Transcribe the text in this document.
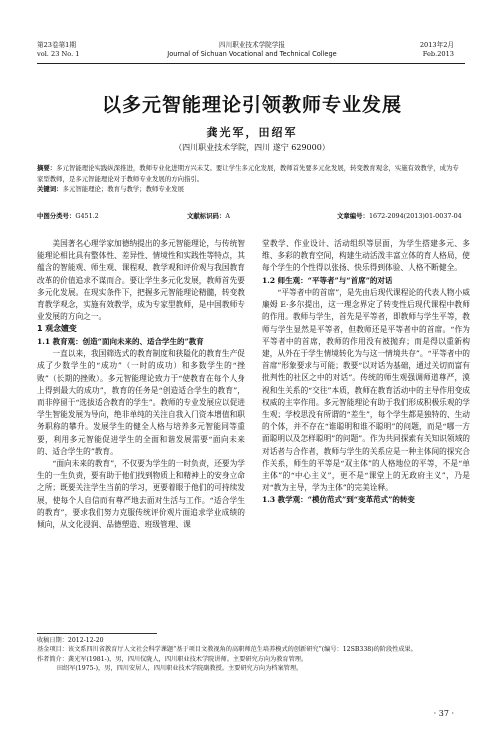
第23卷第1期
vol. 23 No. 1
四川职业技术学院学报
Journal of Sichuan Vocational and Technical College
2013年2月
Feb.2013
以多元智能理论引领教师专业发展
龚光军，田绍军
（四川职业技术学院，四川 遂宁 629000）
摘要：多元智能理论实践纵深推进，教师专业化进期方兴未艾。要让学生多元化发展，教师首先要多元化发展，转变教育观念，实施有效教学，成为专家型教师，是多元智能理论对于教师专业发展的方向指引。
关键词：多元智能理论；教育与教学；教师专业发展
中图分类号：G451.2	文献标识码：A	文章编号：1672-2094(2013)01-0037-04

美国著名心理学家加德纳提出的多元智能理论，与传统智能理论相比具有整体性、差异性、情境性和实践性等特点，其蕴含的智能观、师生观、课程观、教学观和评价观与我国教育改革的价值追求不谋而合。要让学生多元化发展，教师首先要多元化发展。在现实条件下，把握多元智能理论精髓，转变教育教学观念，实施有效教学，成为专家型教师，是中国教师专业发展的方向之一。

1 观念嬗变
1.1 教育观：创造“面向未来的、适合学生的”教育

一直以来，我国筛选式的教育制度和狭隘化的教育生产促成了少数学生的“成功”（一时的成功）和多数学生的“挫败”（长期的挫败）。多元智能理论致力于“使教育在每个人身上得到最大的成功”，教育的任务是“创造适合学生的教育”，而非停留于“选拔适合教育的学生”。教师的专业发展应以促进学生智能发展为导向，绝非单纯的关注自我入门资本增值和职务职称的攀升。发展学生的健全人格与培养多元智能同等重要，利用多元智能促进学生的全面和谐发展需要“面向未来的、适合学生的”教育。

“面向未来的教育”，不仅要为学生的一时负责，还要为学生的一生负责，要有助于他们找到物质上和精神上的安身立命之所；既要关注学生当前的学习，更要着眼于他们的可持续发展，使每个人自信而有尊严地去面对生活与工作。“适合学生的教育”，要求我们努力克服传统评价观片面追求学业成绩的倾向，从文化浸润、品德塑造、班级管理、课

堂教学、作业设计、活动组织等层面，为学生搭建多元、多维、多彩的教育空间，构建生动活泼丰富立体的育人格局，使每个学生的个性得以张扬、快乐得到体验、人格不断健全。

1.2 师生观：“平等者”与“首席”的对话

“平等者中的首席”，是先由后现代课程论的代表人物小威廉姆 E·多尔提出，这一理念界定了转变性后现代课程中教师的作用。教师与学生，首先是平等者，即教师与学生平等，教师与学生显然是平等者，但教师还是平等者中的首席。“作为平等者中的首席，教师的作用没有被抛弃；而是得以重新构建，从外在于学生情境转化为与这一情境共存”。“平等者中的首席”形象要求与可能；教要“以对话为基础，通过关切而富有批判性的社区之中的对话”。传统的师生观强调师道尊严，漠视和生关系的“交往”本质，教师在教育活动中的主导作用变成权威的主宰作用。多元智能理论有助于我们形成积极乐观的学生观；学校思没有所谓的“差生”，每个学生都是独特的、生动的个体，并不存在“谁聪明和谁不聪明”的问题，而是“哪一方面聪明以及怎样聪明”的问题”。作为共同探索有关知识领域的对话者与合作者，教师与学生的关系应是一种主体间的探究合作关系，师生的平等是“双主体”的人格地位的平等，不是“单主体”的“中心主义”，更不是“课堂上的无政府主义”，乃是对“教为主导，学为主体”的完美诠释。

1.3 教学观：“模仿范式”到“变革范式”的转变
收稿日期：2012-12-20
基金项目：该文系四川省教育厅人文社会科学课题“基于项目文教视角的高职师范生培养模式的创新研究”(编号：12SB338)的阶段性成果。
作者简介：龚光军(1981-)，男，四川仪陇人，四川职业技术学院讲师。主要研究方向为教育管理。
田绍军(1975-)，男，四川安居人，四川职业技术学院副教授。主要研究方向为档案管理。
· 37 ·
